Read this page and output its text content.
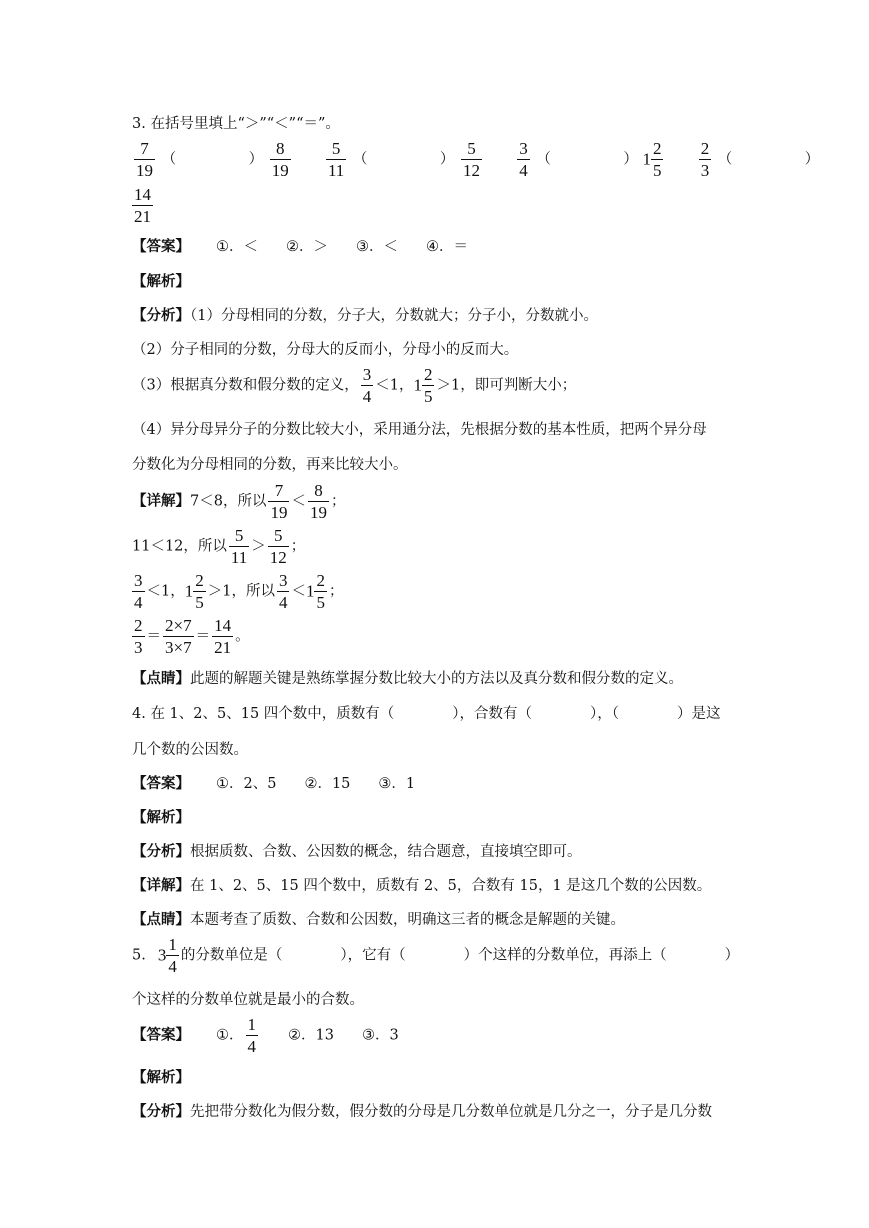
3. 在括号里填上“＞”“＜”“＝”。
$\frac{7}{19}$ （　　　　　） $\frac{8}{19}$
$\frac{5}{11}$ （　　　　　） $\frac{5}{12}$
$\frac{3}{4}$ （　　　　　） $1 \frac{2}{5}$
$\frac{2}{3}$ （　　　　　）
$\frac{14}{21}$
【答案】 ①．＜ ②．＞ ③．＜ ④．＝
【解析】
【分析】（1）分母相同的分数，分子大，分数就大；分子小，分数就小。
（2）分子相同的分数，分母大的反而小，分母小的反而大。
（3）根据真分数和假分数的定义， $\frac{3}{4} <1$，$1 \frac{2}{5} >1$，即可判断大小；
（4）异分母异分子的分数比较大小，采用通分法，先根据分数的基本性质，把两个异分母
分数化为分母相同的分数，再来比较大小。
【详解】7＜8，所以 $\frac{7}{19} < \frac{8}{19}$ ；
11＜12，所以 $\frac{5}{11} > \frac{5}{12}$ ；
$\frac{3}{4} <1$，$1 \frac{2}{5} >1$，所以 $\frac{3}{4} <1 \frac{2}{5}$ ；
$\frac{2}{3} = \frac{2\times 7}{3\times 7} = \frac{14}{21}$ 。
【点睛】此题的解题关键是熟练掌握分数比较大小的方法以及真分数和假分数的定义。
4. 在 1、2、5、15 四个数中，质数有（　　　　），合数有（　　　　），（　　　　）是这
几个数的公因数。
【答案】 ①．2、5 ②．15 ③．1
【解析】
【分析】根据质数、合数、公因数的概念，结合题意，直接填空即可。
【详解】在 1、2、5、15 四个数中，质数有 2、5，合数有 15，1 是这几个数的公因数。
【点睛】本题考查了质数、合数和公因数，明确这三者的概念是解题的关键。
5. $3 \frac{1}{4}$ 的分数单位是（　　　　），它有（　　　　）个这样的分数单位，再添上（　　　　）
个这样的分数单位就是最小的合数。
【答案】 ①． $\frac{1}{4}$ ②．13 ③．3
【解析】
【分析】先把带分数化为假分数，假分数的分母是几分数单位就是几分之一，分子是几分数
